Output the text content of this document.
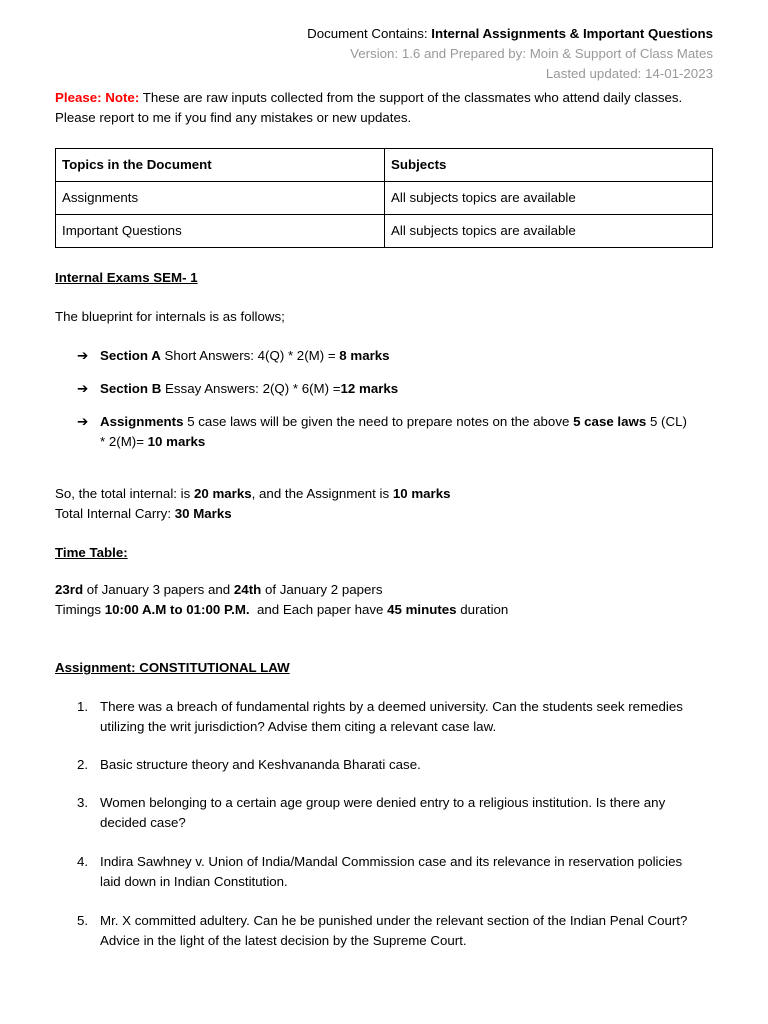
Document Contains: Internal Assignments & Important Questions
Version: 1.6 and Prepared by: Moin & Support of Class Mates
Lasted updated: 14-01-2023
Please: Note: These are raw inputs collected from the support of the classmates who attend daily classes.
Please report to me if you find any mistakes or new updates.
Topics in the Document	Subjects
Assignments	All subjects topics are available
Important Questions	All subjects topics are available
Internal Exams SEM- 1
The blueprint for internals is as follows;
➔ Section A Short Answers: 4(Q) * 2(M) = 8 marks
➔ Section B Essay Answers: 2(Q) * 6(M) =12 marks
➔ Assignments 5 case laws will be given the need to prepare notes on the above 5 case laws 5 (CL)
* 2(M)= 10 marks
So, the total internal: is 20 marks, and the Assignment is 10 marks
Total Internal Carry: 30 Marks
Time Table:
23rd of January 3 papers and 24th of January 2 papers
Timings 10:00 A.M to 01:00 P.M.  and Each paper have 45 minutes duration
Assignment: CONSTITUTIONAL LAW
1. There was a breach of fundamental rights by a deemed university. Can the students seek remedies
utilizing the writ jurisdiction? Advise them citing a relevant case law.
2. Basic structure theory and Keshvananda Bharati case.
3. Women belonging to a certain age group were denied entry to a religious institution. Is there any
decided case?
4. Indira Sawhney v. Union of India/Mandal Commission case and its relevance in reservation policies
laid down in Indian Constitution.
5. Mr. X committed adultery. Can he be punished under the relevant section of the Indian Penal Court?
Advice in the light of the latest decision by the Supreme Court.
